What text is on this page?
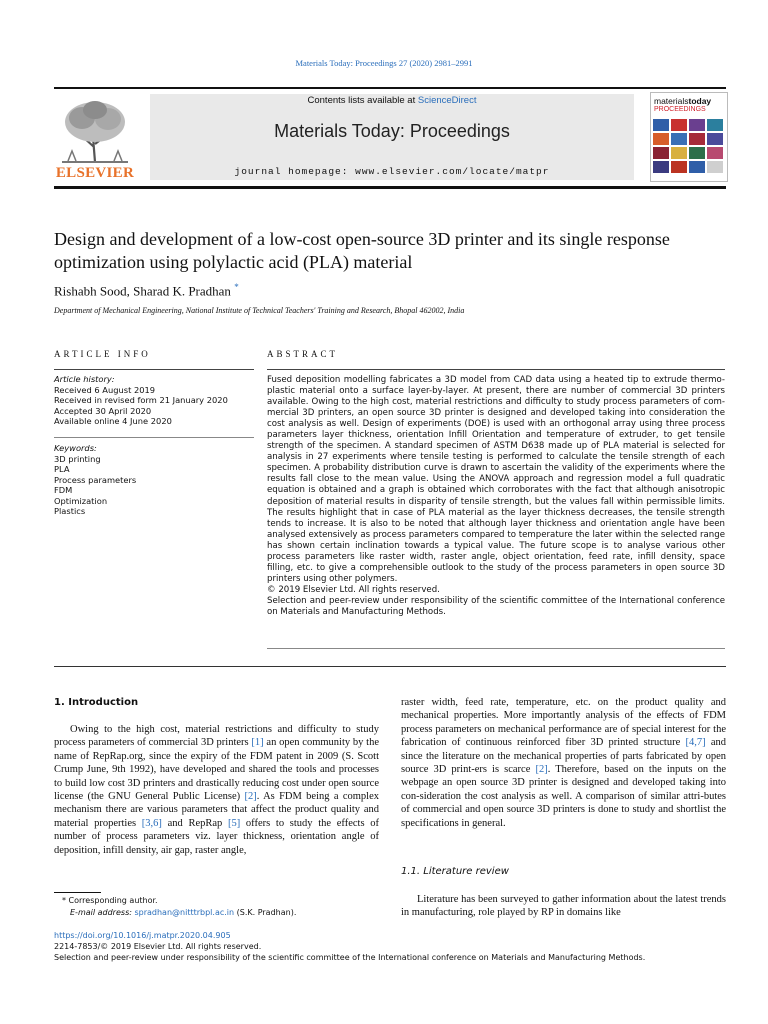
Materials Today: Proceedings 27 (2020) 2981–2991
ELSEVIER
Contents lists available at ScienceDirect
Materials Today: Proceedings
journal homepage: www.elsevier.com/locate/matpr
materialstoday
PROCEEDINGS
Design and development of a low-cost open-source 3D printer and its single response optimization using polylactic acid (PLA) material
Rishabh Sood, Sharad K. Pradhan *
Department of Mechanical Engineering, National Institute of Technical Teachers' Training and Research, Bhopal 462002, India
ARTICLE INFO	ABSTRACT
Article history:
Received 6 August 2019
Received in revised form 21 January 2020
Accepted 30 April 2020
Available online 4 June 2020
Keywords:
3D printing
PLA
Process parameters
FDM
Optimization
Plastics

Fused deposition modelling fabricates a 3D model from CAD data using a heated tip to extrude thermo-plastic material onto a surface layer-by-layer. At present, there are number of commercial 3D printers available. Owing to the high cost, material restrictions and difficulty to study process parameters of com-mercial 3D printers, an open source 3D printer is designed and developed taking into consideration the cost analysis as well. Design of experiments (DOE) is used with an orthogonal array using three process parameters layer thickness, orientation Infill Orientation and temperature of extruder, to get tensile strength of the specimen. A standard specimen of ASTM D638 made up of PLA material is selected for analysis in 27 experiments where tensile testing is performed to calculate the tensile strength of each specimen. A probability distribution curve is drawn to ascertain the validity of the experiments where the results fall close to the mean value. Using the ANOVA approach and regression model a full quadratic equation is obtained and a graph is obtained which corroborates with the fact that although anisotropic deposition of material results in disparity of tensile strength, but the values fall within permissible limits. The results highlight that in case of PLA material as the layer thickness decreases, the tensile strength tends to increase. It is also to be noted that although layer thickness and orientation angle have been analysed extensively as process parameters compared to temperature the later within the selected range has shown certain inclination towards a typical value. The future scope is to analyse various other process parameters like raster width, raster angle, object orientation, feed rate, infill density, space filling, etc. to give a comprehensible outlook to the study of the process parameters in open source 3D printers using other polymers.

© 2019 Elsevier Ltd. All rights reserved.

Selection and peer-review under responsibility of the scientific committee of the International conference on Materials and Manufacturing Methods.

1. Introduction

Owing to the high cost, material restrictions and difficulty to study process parameters of commercial 3D printers [1] an open community by the name of RepRap.org, since the expiry of the FDM patent in 2009 (S. Scott Crump June, 9th 1992), have developed and shared the tools and processes to build low cost 3D printers and drastically reducing cost under open source license (the GNU General Public License) [2]. As FDM being a complex mechanism there are various parameters that affect the product quality and material properties [3,6] and RepRap [5] offers to study the effects of number of process parameters viz. layer thickness, orientation angle of deposition, infill density, air gap, raster angle,

raster width, feed rate, temperature, etc. on the product quality and mechanical properties. More importantly analysis of the effects of FDM process parameters on mechanical performance are of special interest for the fabrication of continuous reinforced fiber 3D printed structure [4,7] and since the literature on the mechanical properties of parts fabricated by open source 3D print-ers is scarce [2]. Therefore, based on the inputs on the webpage an open source 3D printer is designed and developed taking into con-sideration the cost analysis as well. A comparison of similar attri-butes of commercial and open source 3D printers is done to study and shortlist the specifications in general.

1.1. Literature review

Literature has been surveyed to gather information about the latest trends in manufacturing, role played by RP in domains like

* Corresponding author.
E-mail address: spradhan@nitttrbpl.ac.in (S.K. Pradhan).
https://doi.org/10.1016/j.matpr.2020.04.905
2214-7853/© 2019 Elsevier Ltd. All rights reserved.
Selection and peer-review under responsibility of the scientific committee of the International conference on Materials and Manufacturing Methods.
